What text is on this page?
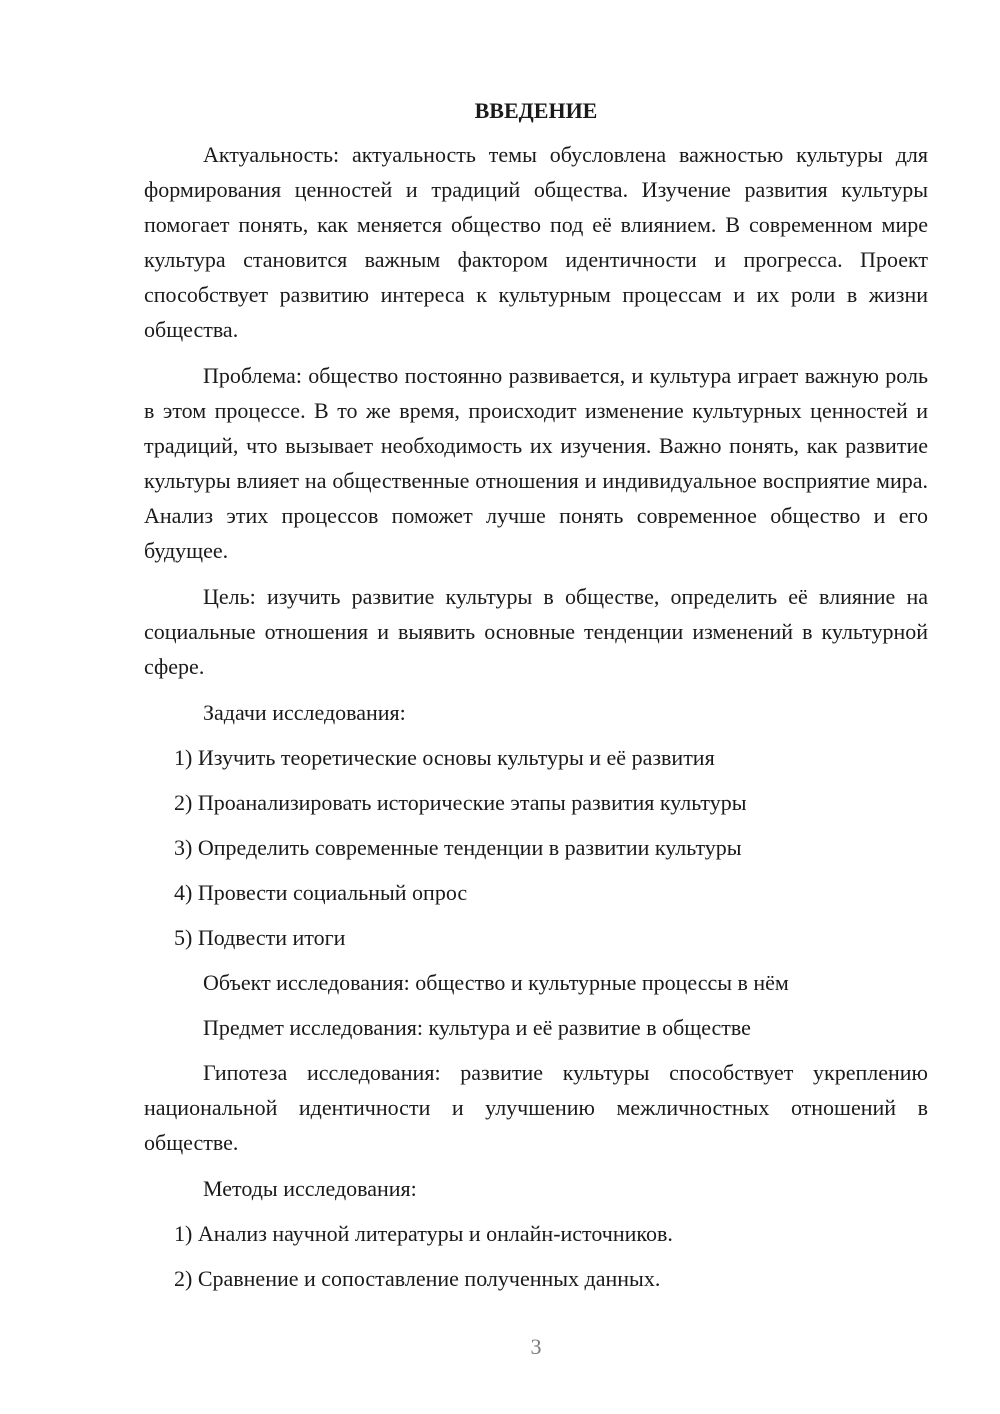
ВВЕДЕНИЕ

Актуальность: актуальность темы обусловлена важностью культуры для формирования ценностей и традиций общества. Изучение развития культуры помогает понять, как меняется общество под её влиянием. В современном мире культура становится важным фактором идентичности и прогресса. Проект способствует развитию интереса к культурным процессам и их роли в жизни общества.

Проблема: общество постоянно развивается, и культура играет важную роль в этом процессе. В то же время, происходит изменение культурных ценностей и традиций, что вызывает необходимость их изучения. Важно понять, как развитие культуры влияет на общественные отношения и индивидуальное восприятие мира. Анализ этих процессов поможет лучше понять современное общество и его будущее.

Цель: изучить развитие культуры в обществе, определить её влияние на социальные отношения и выявить основные тенденции изменений в культурной сфере.

Задачи исследования:
1) Изучить теоретические основы культуры и её развития
2) Проанализировать исторические этапы развития культуры
3) Определить современные тенденции в развитии культуры
4) Провести социальный опрос
5) Подвести итоги
Объект исследования: общество и культурные процессы в нём
Предмет исследования: культура и её развитие в обществе

Гипотеза исследования: развитие культуры способствует укреплению национальной идентичности и улучшению межличностных отношений в обществе.

Методы исследования:
1) Анализ научной литературы и онлайн-источников.
2) Сравнение и сопоставление полученных данных.
3
